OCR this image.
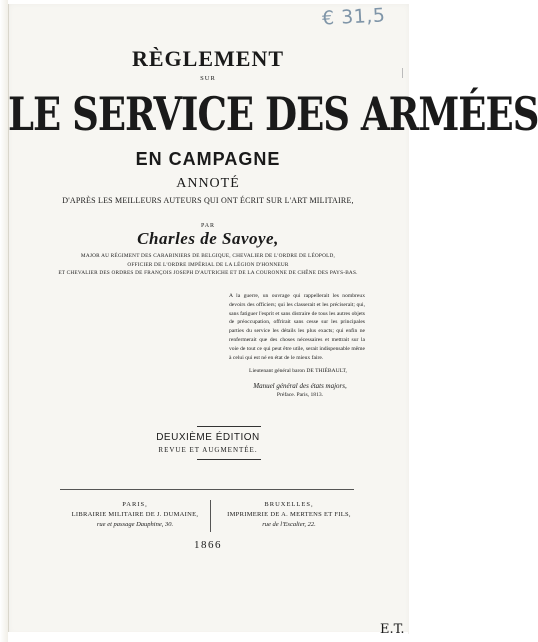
€ 31,5
RÈGLEMENT
SUR
LE SERVICE DES ARMÉES
EN CAMPAGNE
ANNOTÉ
D'APRÈS LES MEILLEURS AUTEURS QUI ONT ÉCRIT SUR L'ART MILITAIRE,
PAR
Charles de Savoye,
MAJOR AU RÉGIMENT DES CARABINIERS DE BELGIQUE, CHEVALIER DE L'ORDRE DE LÉOPOLD,
OFFICIER DE L'ORDRE IMPÉRIAL DE LA LÉGION D'HONNEUR
ET CHEVALIER DES ORDRES DE FRANÇOIS JOSEPH D'AUTRICHE ET DE LA COURONNE DE CHÊNE DES PAYS-BAS.
A la guerre, un ouvrage qui rappellerait les nombreux devoirs des officiers; qui les classerait et les préciserait; qui, sans fatiguer l'esprit et sans distraire de tous les autres objets de préoccupation, offrirait sans cesse sur les principales parties du service les détails les plus exacts; qui enfin ne renfermerait que des choses nécessaires et mettrait sur la voie de tout ce qui peut être utile, serait indispensable même à celui qui est né en état de le mieux faire.
Lieutenant général baron DE THIÉBAULT,
Manuel général des états majors,
Préface. Paris, 1813.
DEUXIÈME ÉDITION
REVUE ET AUGMENTÉE.
PARIS,
LIBRAIRIE MILITAIRE DE J. DUMAINE,
rue et passage Dauphine, 30.
BRUXELLES,
IMPRIMERIE DE A. MERTENS ET FILS,
rue de l'Escalier, 22.
1866
E.T.
